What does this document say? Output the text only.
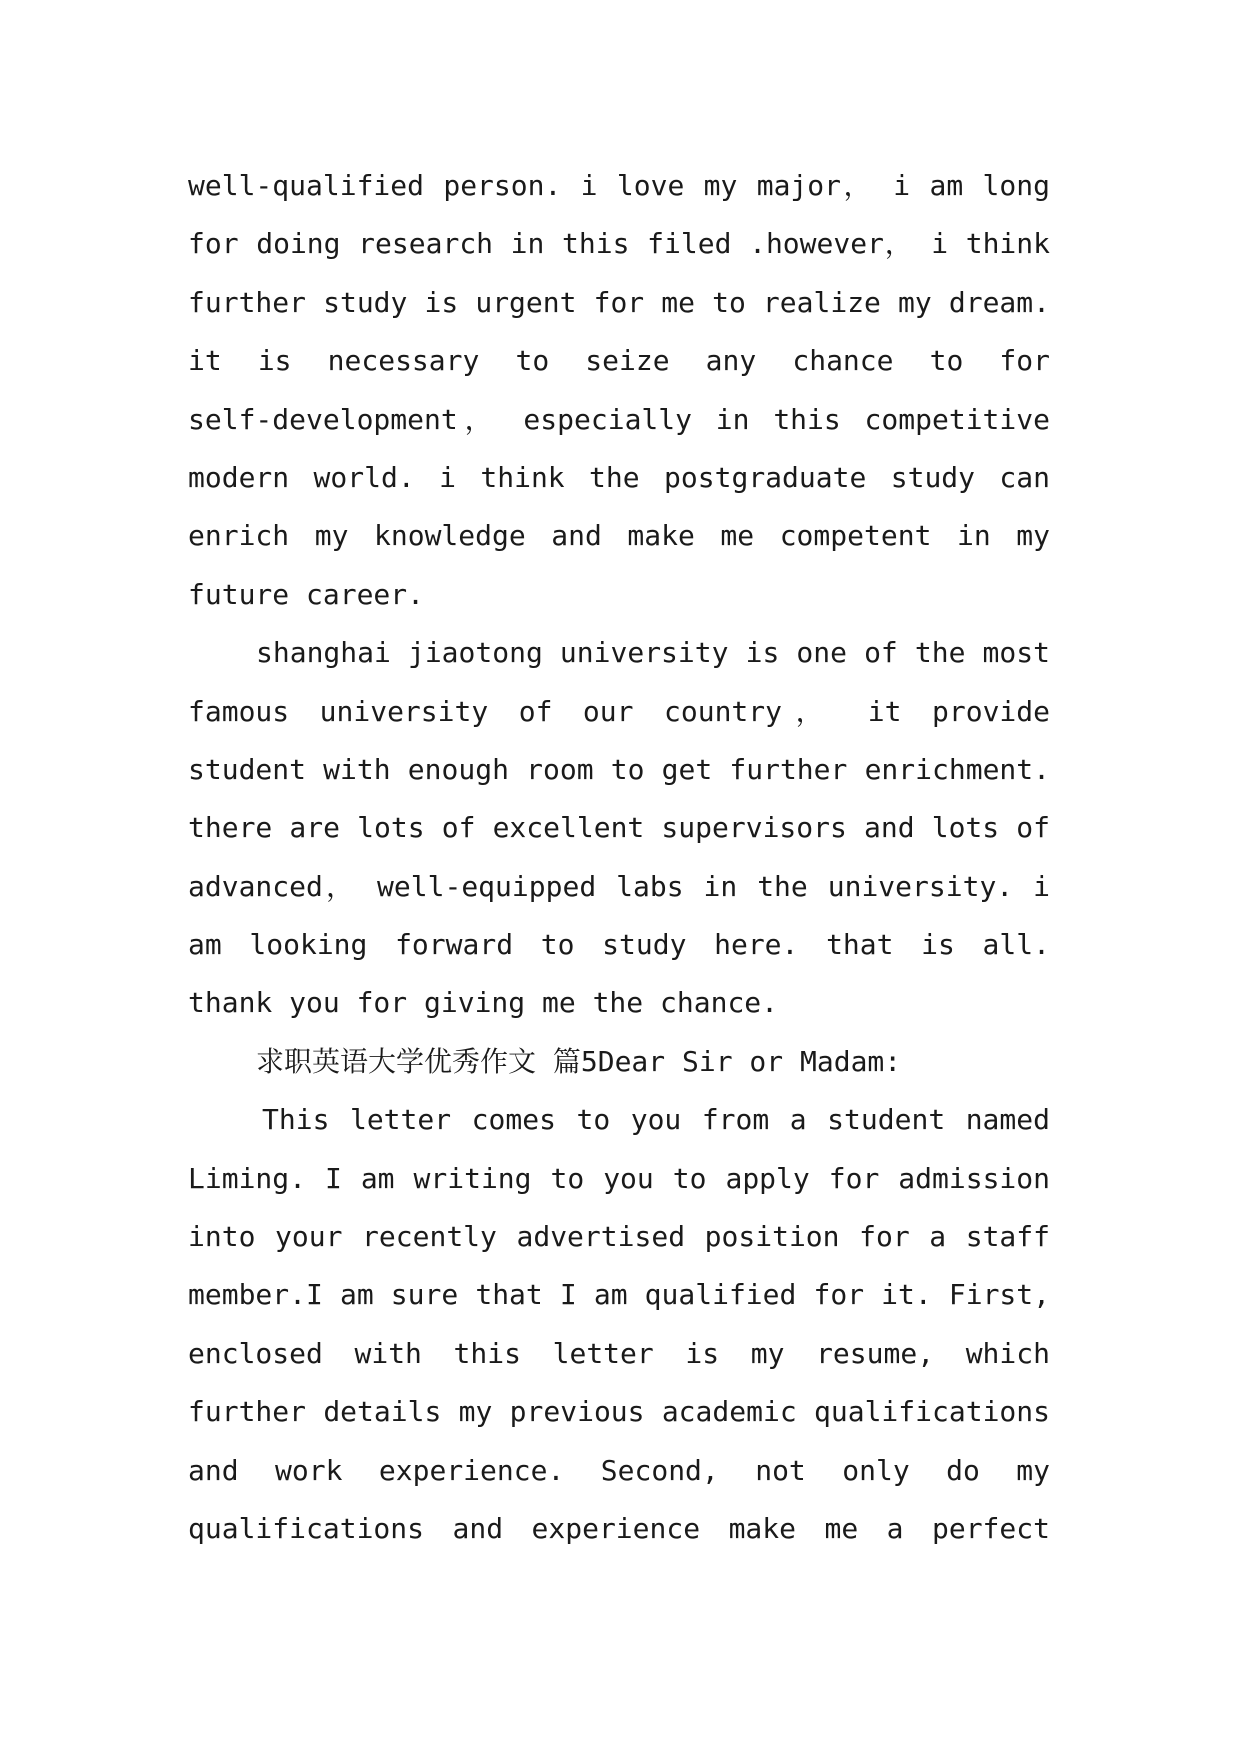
well-qualified person. i love my major， i am long
for doing research in this filed .however， i think
further study is urgent for me to realize my dream.
it is necessary to seize any chance to for
self-development， especially in this competitive
modern world. i think the postgraduate study can
enrich my knowledge and make me competent in my
future career.
shanghai jiaotong university is one of the most
famous university of our country， it provide
student with enough room to get further enrichment.
there are lots of excellent supervisors and lots of
advanced， well-equipped labs in the university. i
am looking forward to study here. that is all.
thank you for giving me the chance.
求职英语大学优秀作文 篇5Dear Sir or Madam:
This letter comes to you from a student named
Liming. I am writing to you to apply for admission
into your recently advertised position for a staff
member.I am sure that I am qualified for it. First,
enclosed with this letter is my resume, which
further details my previous academic qualifications
and work experience. Second, not only do my
qualifications and experience make me a perfect
